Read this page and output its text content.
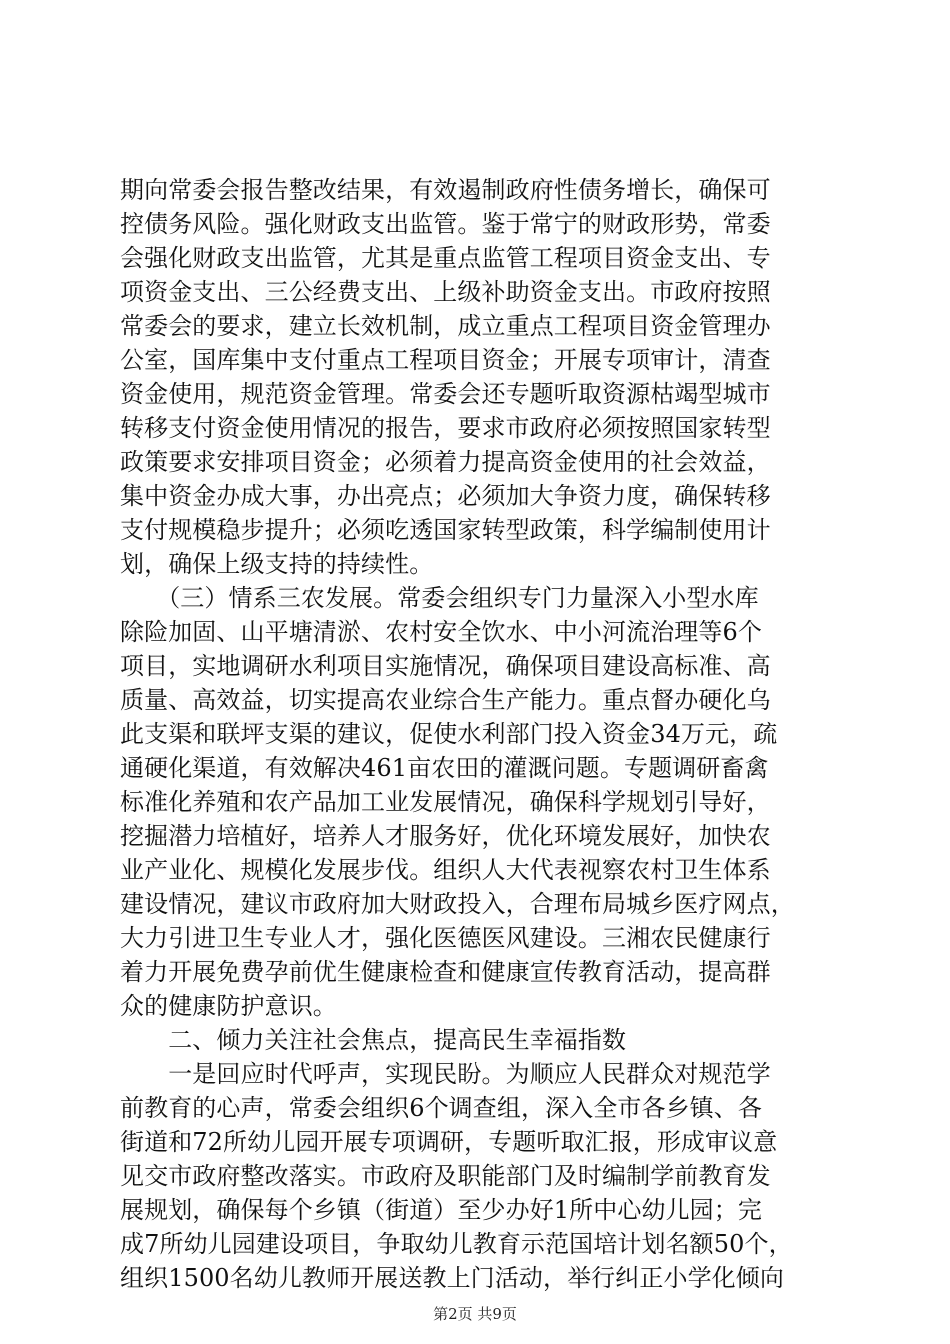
期向常委会报告整改结果，有效遏制政府性债务增长，确保可
控债务风险。强化财政支出监管。鉴于常宁的财政形势，常委
会强化财政支出监管，尤其是重点监管工程项目资金支出、专
项资金支出、三公经费支出、上级补助资金支出。市政府按照
常委会的要求，建立长效机制，成立重点工程项目资金管理办
公室，国库集中支付重点工程项目资金；开展专项审计，清查
资金使用，规范资金管理。常委会还专题听取资源枯竭型城市
转移支付资金使用情况的报告，要求市政府必须按照国家转型
政策要求安排项目资金；必须着力提高资金使用的社会效益，
集中资金办成大事，办出亮点；必须加大争资力度，确保转移
支付规模稳步提升；必须吃透国家转型政策，科学编制使用计
划，确保上级支持的持续性。
　　（三）情系三农发展。常委会组织专门力量深入小型水库
除险加固、山平塘清淤、农村安全饮水、中小河流治理等6个
项目，实地调研水利项目实施情况，确保项目建设高标准、高
质量、高效益，切实提高农业综合生产能力。重点督办硬化乌
此支渠和联坪支渠的建议，促使水利部门投入资金34万元，疏
通硬化渠道，有效解决461亩农田的灌溉问题。专题调研畜禽
标准化养殖和农产品加工业发展情况，确保科学规划引导好，
挖掘潜力培植好，培养人才服务好，优化环境发展好，加快农
业产业化、规模化发展步伐。组织人大代表视察农村卫生体系
建设情况，建议市政府加大财政投入，合理布局城乡医疗网点，
大力引进卫生专业人才，强化医德医风建设。三湘农民健康行
着力开展免费孕前优生健康检查和健康宣传教育活动，提高群
众的健康防护意识。
　　二、倾力关注社会焦点，提高民生幸福指数
　　一是回应时代呼声，实现民盼。为顺应人民群众对规范学
前教育的心声，常委会组织6个调查组，深入全市各乡镇、各
街道和72所幼儿园开展专项调研，专题听取汇报，形成审议意
见交市政府整改落实。市政府及职能部门及时编制学前教育发
展规划，确保每个乡镇（街道）至少办好1所中心幼儿园；完
成7所幼儿园建设项目，争取幼儿教育示范国培计划名额50个，
组织1500名幼儿教师开展送教上门活动，举行纠正小学化倾向
第2页 共9页
